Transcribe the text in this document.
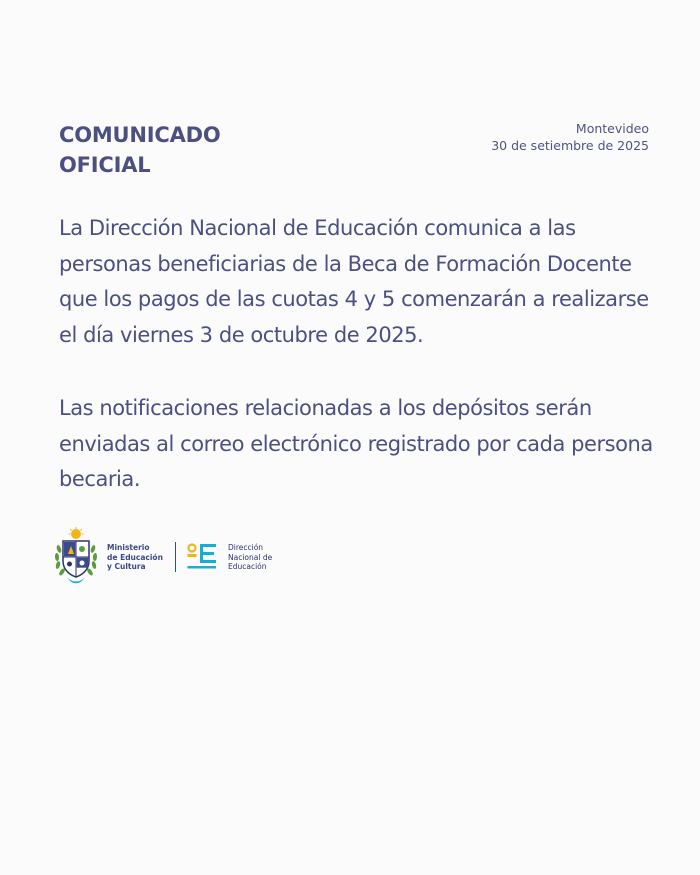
COMUNICADO
OFICIAL
Montevideo
30 de setiembre de 2025

La Dirección Nacional de Educación comunica a las personas beneficiarias de la Beca de Formación Docente que los pagos de las cuotas 4 y 5 comenzarán a realizarse el día viernes 3 de octubre de 2025.

Las notificaciones relacionadas a los depósitos serán enviadas al correo electrónico registrado por cada persona becaria.

Ministerio
de Educación
y Cultura
Dirección
Nacional de
Educación
